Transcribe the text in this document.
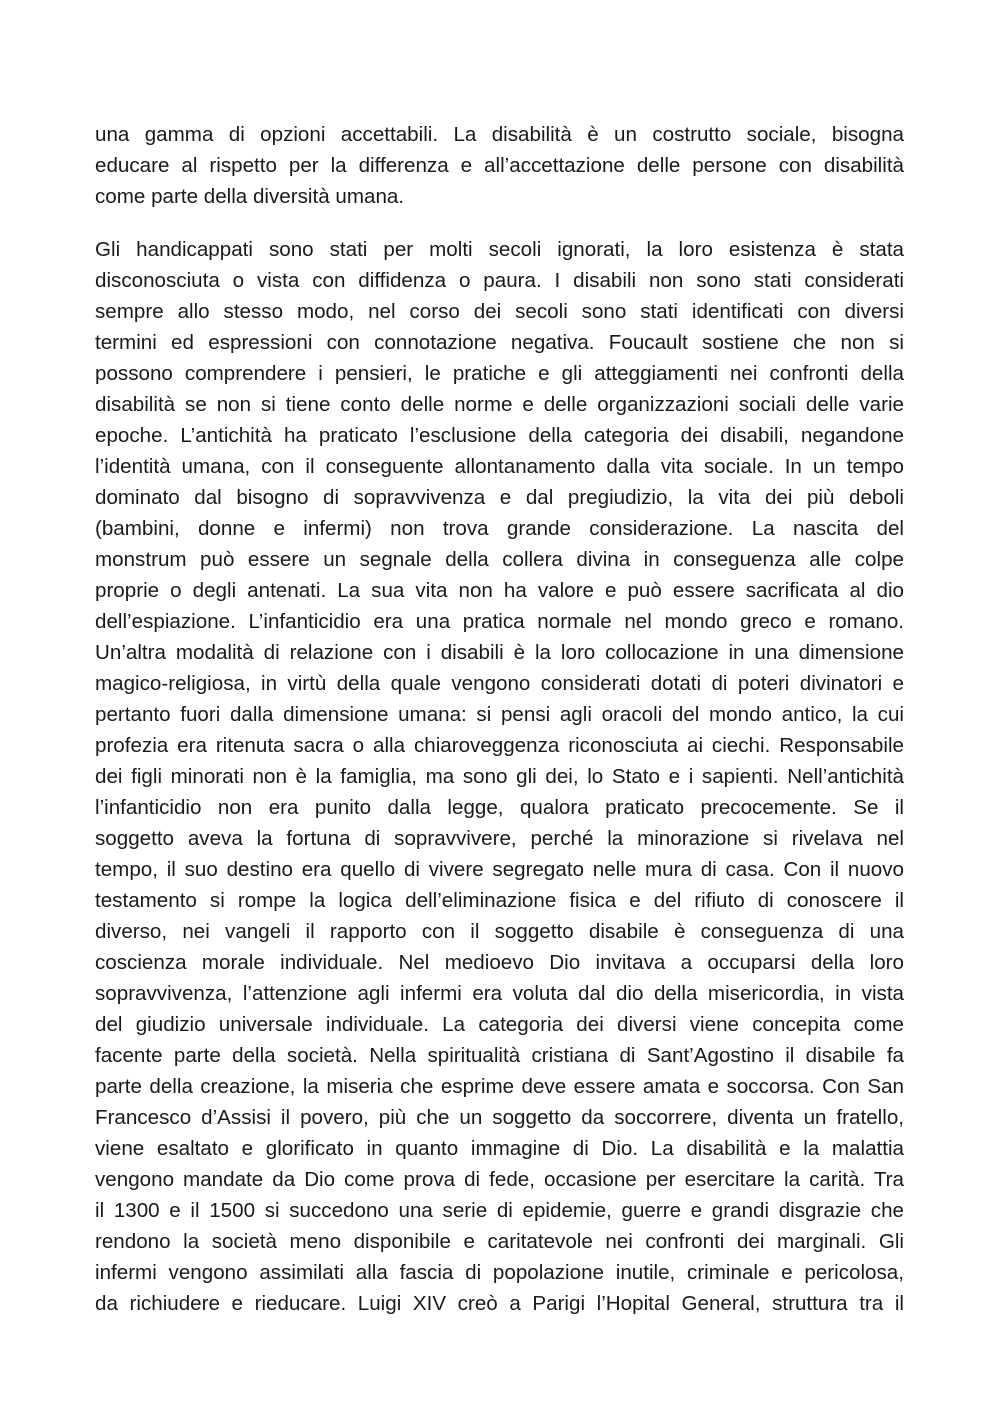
una gamma di opzioni accettabili. La disabilità è un costrutto sociale, bisogna
educare al rispetto per la differenza e all’accettazione delle persone con disabilità
come parte della diversità umana.
Gli handicappati sono stati per molti secoli ignorati, la loro esistenza è stata
disconosciuta o vista con diffidenza o paura. I disabili non sono stati considerati
sempre allo stesso modo, nel corso dei secoli sono stati identificati con diversi
termini ed espressioni con connotazione negativa. Foucault sostiene che non si
possono comprendere i pensieri, le pratiche e gli atteggiamenti nei confronti della
disabilità se non si tiene conto delle norme e delle organizzazioni sociali delle varie
epoche. L’antichità ha praticato l’esclusione della categoria dei disabili, negandone
l’identità umana, con il conseguente allontanamento dalla vita sociale. In un tempo
dominato dal bisogno di sopravvivenza e dal pregiudizio, la vita dei più deboli
(bambini, donne e infermi) non trova grande considerazione. La nascita del
monstrum può essere un segnale della collera divina in conseguenza alle colpe
proprie o degli antenati. La sua vita non ha valore e può essere sacrificata al dio
dell’espiazione. L’infanticidio era una pratica normale nel mondo greco e romano.
Un’altra modalità di relazione con i disabili è la loro collocazione in una dimensione
magico-religiosa, in virtù della quale vengono considerati dotati di poteri divinatori e
pertanto fuori dalla dimensione umana: si pensi agli oracoli del mondo antico, la cui
profezia era ritenuta sacra o alla chiaroveggenza riconosciuta ai ciechi. Responsabile
dei figli minorati non è la famiglia, ma sono gli dei, lo Stato e i sapienti. Nell’antichità
l’infanticidio non era punito dalla legge, qualora praticato precocemente. Se il
soggetto aveva la fortuna di sopravvivere, perché la minorazione si rivelava nel
tempo, il suo destino era quello di vivere segregato nelle mura di casa. Con il nuovo
testamento si rompe la logica dell’eliminazione fisica e del rifiuto di conoscere il
diverso, nei vangeli il rapporto con il soggetto disabile è conseguenza di una
coscienza morale individuale. Nel medioevo Dio invitava a occuparsi della loro
sopravvivenza, l’attenzione agli infermi era voluta dal dio della misericordia, in vista
del giudizio universale individuale. La categoria dei diversi viene concepita come
facente parte della società. Nella spiritualità cristiana di Sant’Agostino il disabile fa
parte della creazione, la miseria che esprime deve essere amata e soccorsa. Con San
Francesco d’Assisi il povero, più che un soggetto da soccorrere, diventa un fratello,
viene esaltato e glorificato in quanto immagine di Dio. La disabilità e la malattia
vengono mandate da Dio come prova di fede, occasione per esercitare la carità. Tra
il 1300 e il 1500 si succedono una serie di epidemie, guerre e grandi disgrazie che
rendono la società meno disponibile e caritatevole nei confronti dei marginali. Gli
infermi vengono assimilati alla fascia di popolazione inutile, criminale e pericolosa,
da richiudere e rieducare. Luigi XIV creò a Parigi l’Hopital General, struttura tra il
